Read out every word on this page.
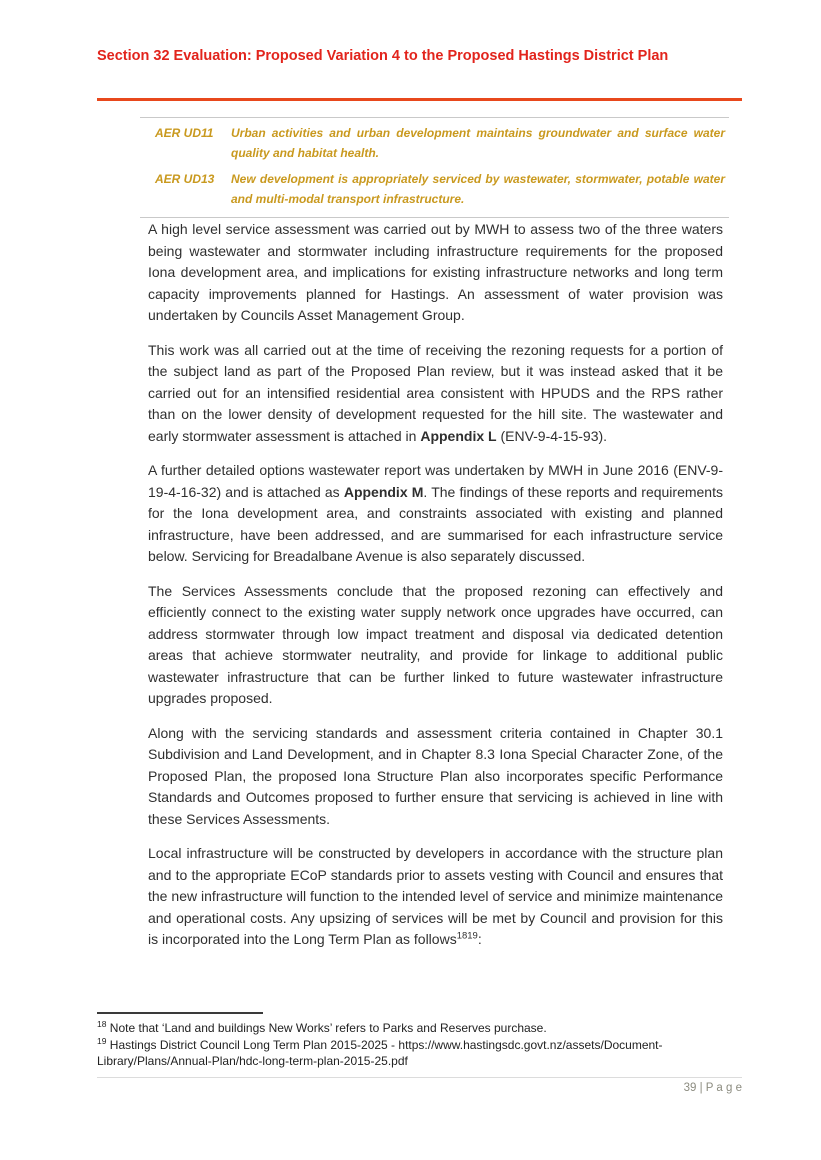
Section 32 Evaluation: Proposed Variation 4 to the Proposed Hastings District Plan
AER UD11	Urban activities and urban development maintains groundwater and surface water quality and habitat health.
AER UD13	New development is appropriately serviced by wastewater, stormwater, potable water and multi-modal transport infrastructure.

A high level service assessment was carried out by MWH to assess two of the three waters being wastewater and stormwater including infrastructure requirements for the proposed Iona development area, and implications for existing infrastructure networks and long term capacity improvements planned for Hastings. An assessment of water provision was undertaken by Councils Asset Management Group.

This work was all carried out at the time of receiving the rezoning requests for a portion of the subject land as part of the Proposed Plan review, but it was instead asked that it be carried out for an intensified residential area consistent with HPUDS and the RPS rather than on the lower density of development requested for the hill site. The wastewater and early stormwater assessment is attached in Appendix L (ENV-9-4-15-93).

A further detailed options wastewater report was undertaken by MWH in June 2016 (ENV-9-19-4-16-32) and is attached as Appendix M. The findings of these reports and requirements for the Iona development area, and constraints associated with existing and planned infrastructure, have been addressed, and are summarised for each infrastructure service below. Servicing for Breadalbane Avenue is also separately discussed.

The Services Assessments conclude that the proposed rezoning can effectively and efficiently connect to the existing water supply network once upgrades have occurred, can address stormwater through low impact treatment and disposal via dedicated detention areas that achieve stormwater neutrality, and provide for linkage to additional public wastewater infrastructure that can be further linked to future wastewater infrastructure upgrades proposed.

Along with the servicing standards and assessment criteria contained in Chapter 30.1 Subdivision and Land Development, and in Chapter 8.3 Iona Special Character Zone, of the Proposed Plan, the proposed Iona Structure Plan also incorporates specific Performance Standards and Outcomes proposed to further ensure that servicing is achieved in line with these Services Assessments.

Local infrastructure will be constructed by developers in accordance with the structure plan and to the appropriate ECoP standards prior to assets vesting with Council and ensures that the new infrastructure will function to the intended level of service and minimize maintenance and operational costs. Any upsizing of services will be met by Council and provision for this is incorporated into the Long Term Plan as follows$^{1819}$:

$^{18}$ Note that ‘Land and buildings New Works’ refers to Parks and Reserves purchase.
$^{19}$ Hastings District Council Long Term Plan 2015-2025 - https://www.hastingsdc.govt.nz/assets/Document-Library/Plans/Annual-Plan/hdc-long-term-plan-2015-25.pdf
39 | P a g e
